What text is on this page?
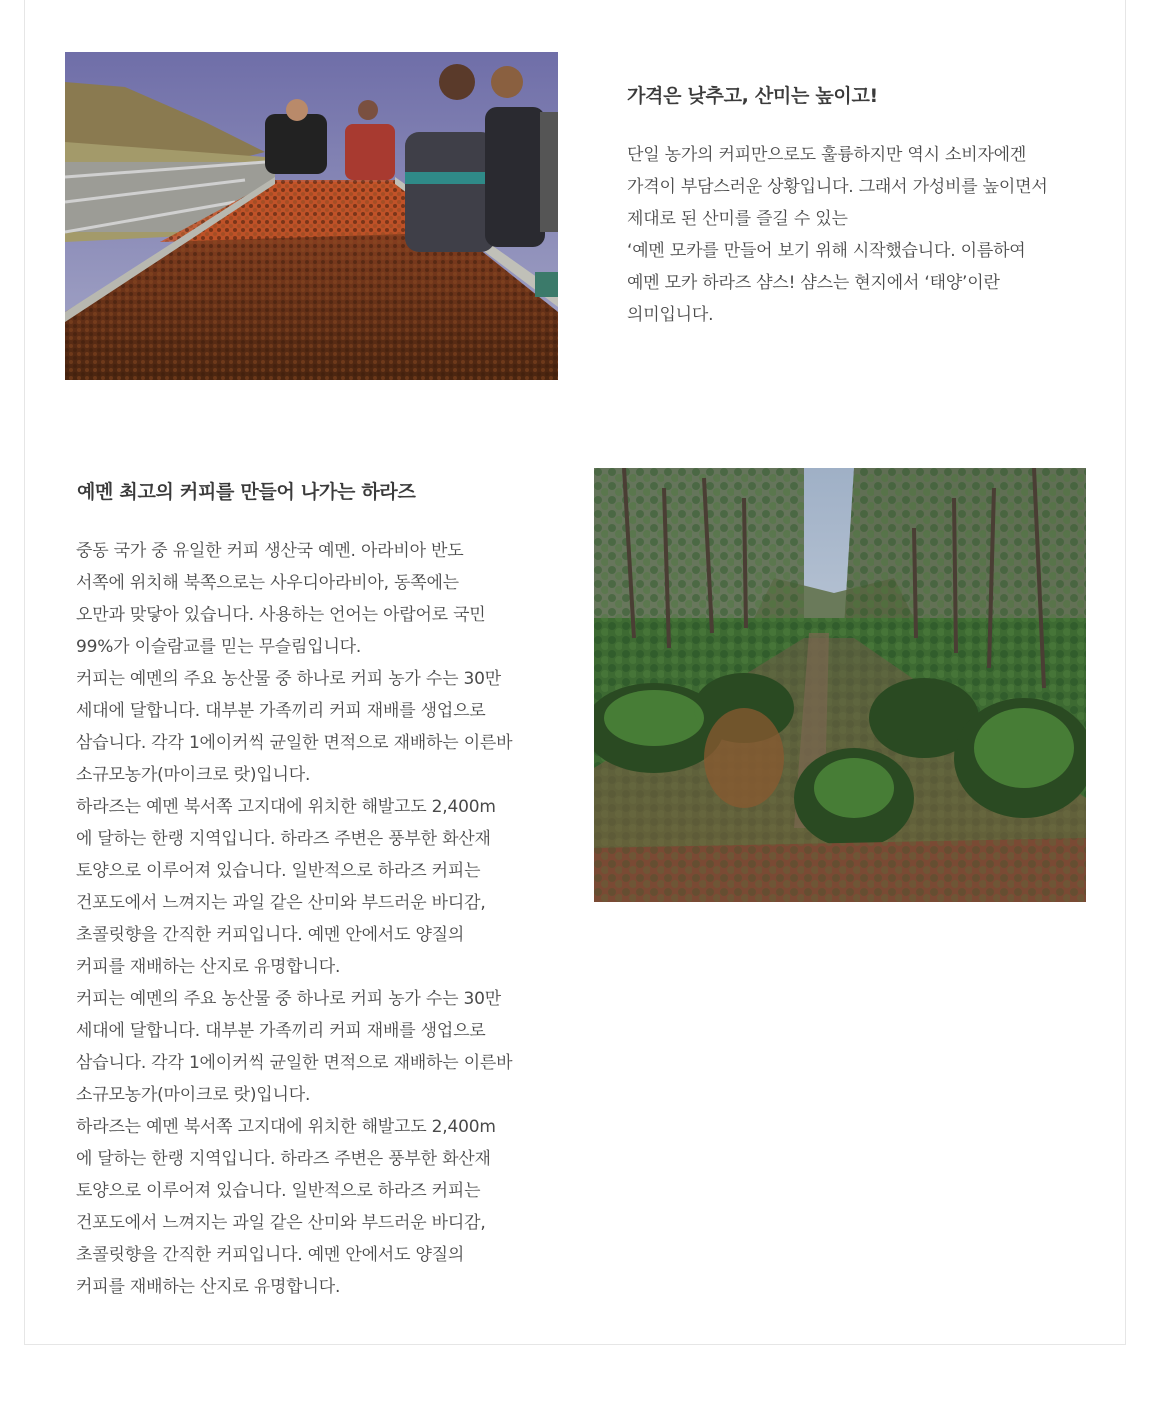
가격은 낮추고, 산미는 높이고!
단일 농가의 커피만으로도 훌륭하지만 역시 소비자에겐
가격이 부담스러운 상황입니다. 그래서 가성비를 높이면서
제대로 된 산미를 즐길 수 있는
‘예멘 모카를 만들어 보기 위해 시작했습니다. 이름하여
예멘 모카 하라즈 샴스! 샴스는 현지에서 ‘태양’이란
의미입니다.
예멘 최고의 커피를 만들어 나가는 하라즈
중동 국가 중 유일한 커피 생산국 예멘. 아라비아 반도
서쪽에 위치해 북쪽으로는 사우디아라비아, 동쪽에는
오만과 맞닿아 있습니다. 사용하는 언어는 아랍어로 국민
99%가 이슬람교를 믿는 무슬림입니다.
커피는 예멘의 주요 농산물 중 하나로 커피 농가 수는 30만
세대에 달합니다. 대부분 가족끼리 커피 재배를 생업으로
삼습니다. 각각 1에이커씩 균일한 면적으로 재배하는 이른바
소규모농가(마이크로 랏)입니다.
하라즈는 예멘 북서쪽 고지대에 위치한 해발고도 2,400m
에 달하는 한랭 지역입니다. 하라즈 주변은 풍부한 화산재
토양으로 이루어져 있습니다. 일반적으로 하라즈 커피는
건포도에서 느껴지는 과일 같은 산미와 부드러운 바디감,
초콜릿향을 간직한 커피입니다. 예멘 안에서도 양질의
커피를 재배하는 산지로 유명합니다.
커피는 예멘의 주요 농산물 중 하나로 커피 농가 수는 30만
세대에 달합니다. 대부분 가족끼리 커피 재배를 생업으로
삼습니다. 각각 1에이커씩 균일한 면적으로 재배하는 이른바
소규모농가(마이크로 랏)입니다.
하라즈는 예멘 북서쪽 고지대에 위치한 해발고도 2,400m
에 달하는 한랭 지역입니다. 하라즈 주변은 풍부한 화산재
토양으로 이루어져 있습니다. 일반적으로 하라즈 커피는
건포도에서 느껴지는 과일 같은 산미와 부드러운 바디감,
초콜릿향을 간직한 커피입니다. 예멘 안에서도 양질의
커피를 재배하는 산지로 유명합니다.
